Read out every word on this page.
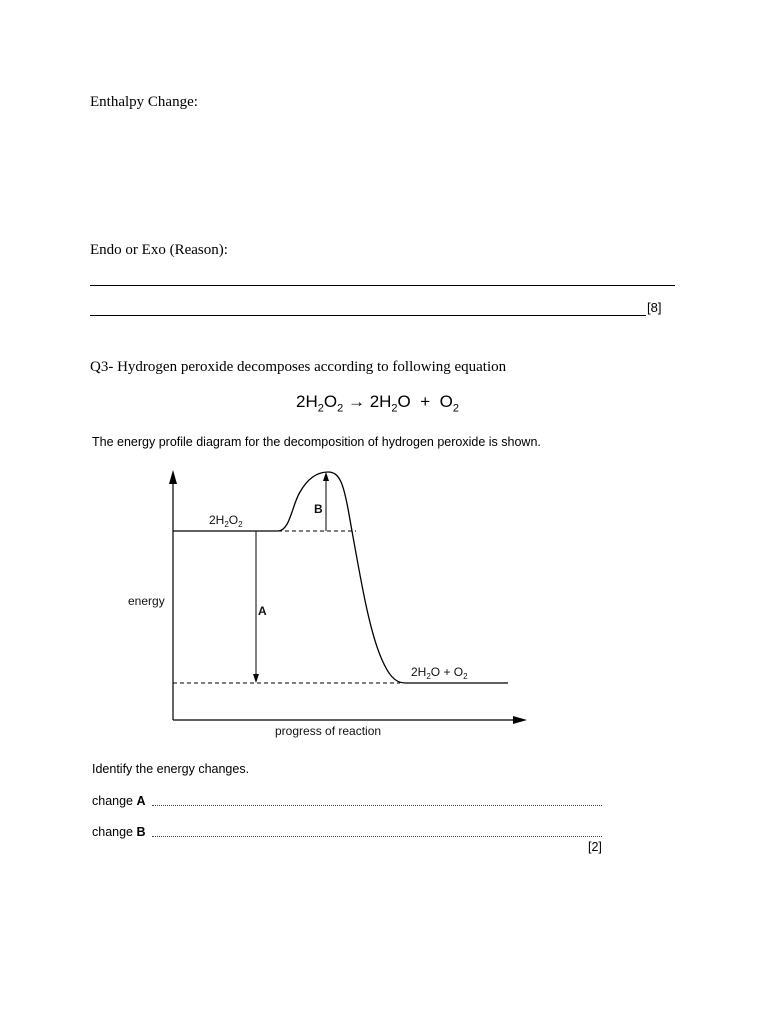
Enthalpy Change:
Endo or Exo (Reason):
[8]
Q3- Hydrogen peroxide decomposes according to following equation
$2H_2O_2 \to 2H_2O + O_2$
The energy profile diagram for the decomposition of hydrogen peroxide is shown.
$2H_2O_2$
B
A
energy
progress of reaction
$2H_2O + O_2$
Identify the energy changes.
change A
change B
[2]
